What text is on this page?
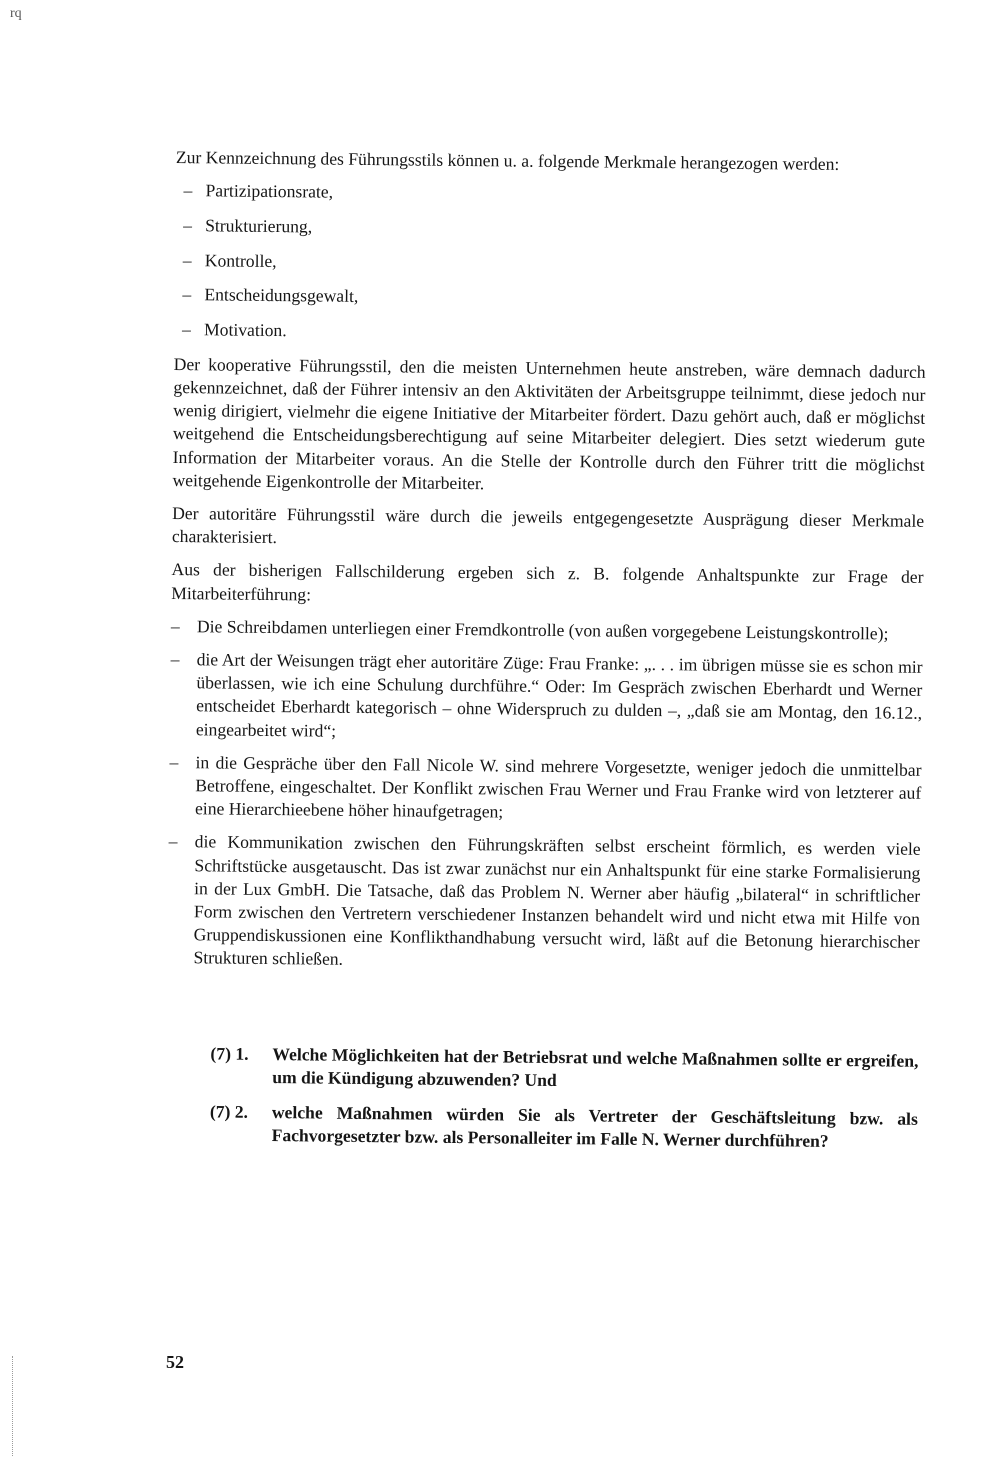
rq

Zur Kennzeichnung des Führungsstils können u. a. folgende Merkmale herangezogen werden:

– Partizipationsrate,
– Strukturierung,
– Kontrolle,
– Entscheidungsgewalt,
– Motivation.

Der kooperative Führungsstil, den die meisten Unternehmen heute anstreben, wäre demnach dadurch gekennzeichnet, daß der Führer intensiv an den Aktivitäten der Arbeitsgruppe teilnimmt, diese jedoch nur wenig dirigiert, vielmehr die eigene Initiative der Mitarbeiter fördert. Dazu gehört auch, daß er möglichst weitgehend die Entscheidungsberechtigung auf seine Mitarbeiter delegiert. Dies setzt wiederum gute Information der Mitarbeiter voraus. An die Stelle der Kontrolle durch den Führer tritt die möglichst weitgehende Eigenkontrolle der Mitarbeiter.

Der autoritäre Führungsstil wäre durch die jeweils entgegengesetzte Ausprägung dieser Merkmale charakterisiert.

Aus der bisherigen Fallschilderung ergeben sich z. B. folgende Anhaltspunkte zur Frage der Mitarbeiterführung:

– Die Schreibdamen unterliegen einer Fremdkontrolle (von außen vorgegebene Leistungskontrolle);
– die Art der Weisungen trägt eher autoritäre Züge: Frau Franke: „. . . im übrigen müsse sie es schon mir überlassen, wie ich eine Schulung durchführe.“ Oder: Im Gespräch zwischen Eberhardt und Werner entscheidet Eberhardt kategorisch – ohne Widerspruch zu dulden –, „daß sie am Montag, den 16.12., eingearbeitet wird“;
– in die Gespräche über den Fall Nicole W. sind mehrere Vorgesetzte, weniger jedoch die unmittelbar Betroffene, eingeschaltet. Der Konflikt zwischen Frau Werner und Frau Franke wird von letzterer auf eine Hierarchieebene höher hinaufgetragen;
– die Kommunikation zwischen den Führungskräften selbst erscheint förmlich, es werden viele Schriftstücke ausgetauscht. Das ist zwar zunächst nur ein Anhaltspunkt für eine starke Formalisierung in der Lux GmbH. Die Tatsache, daß das Problem N. Werner aber häufig „bilateral“ in schriftlicher Form zwischen den Vertretern verschiedener Instanzen behandelt wird und nicht etwa mit Hilfe von Gruppendiskussionen eine Konflikthandhabung versucht wird, läßt auf die Betonung hierarchischer Strukturen schließen.
(7) 1.	Welche Möglichkeiten hat der Betriebsrat und welche Maßnahmen sollte er ergreifen, um die Kündigung abzuwenden? Und
(7) 2.	welche Maßnahmen würden Sie als Vertreter der Geschäftsleitung bzw. als Fachvorgesetzter bzw. als Personalleiter im Falle N. Werner durchführen?
52
